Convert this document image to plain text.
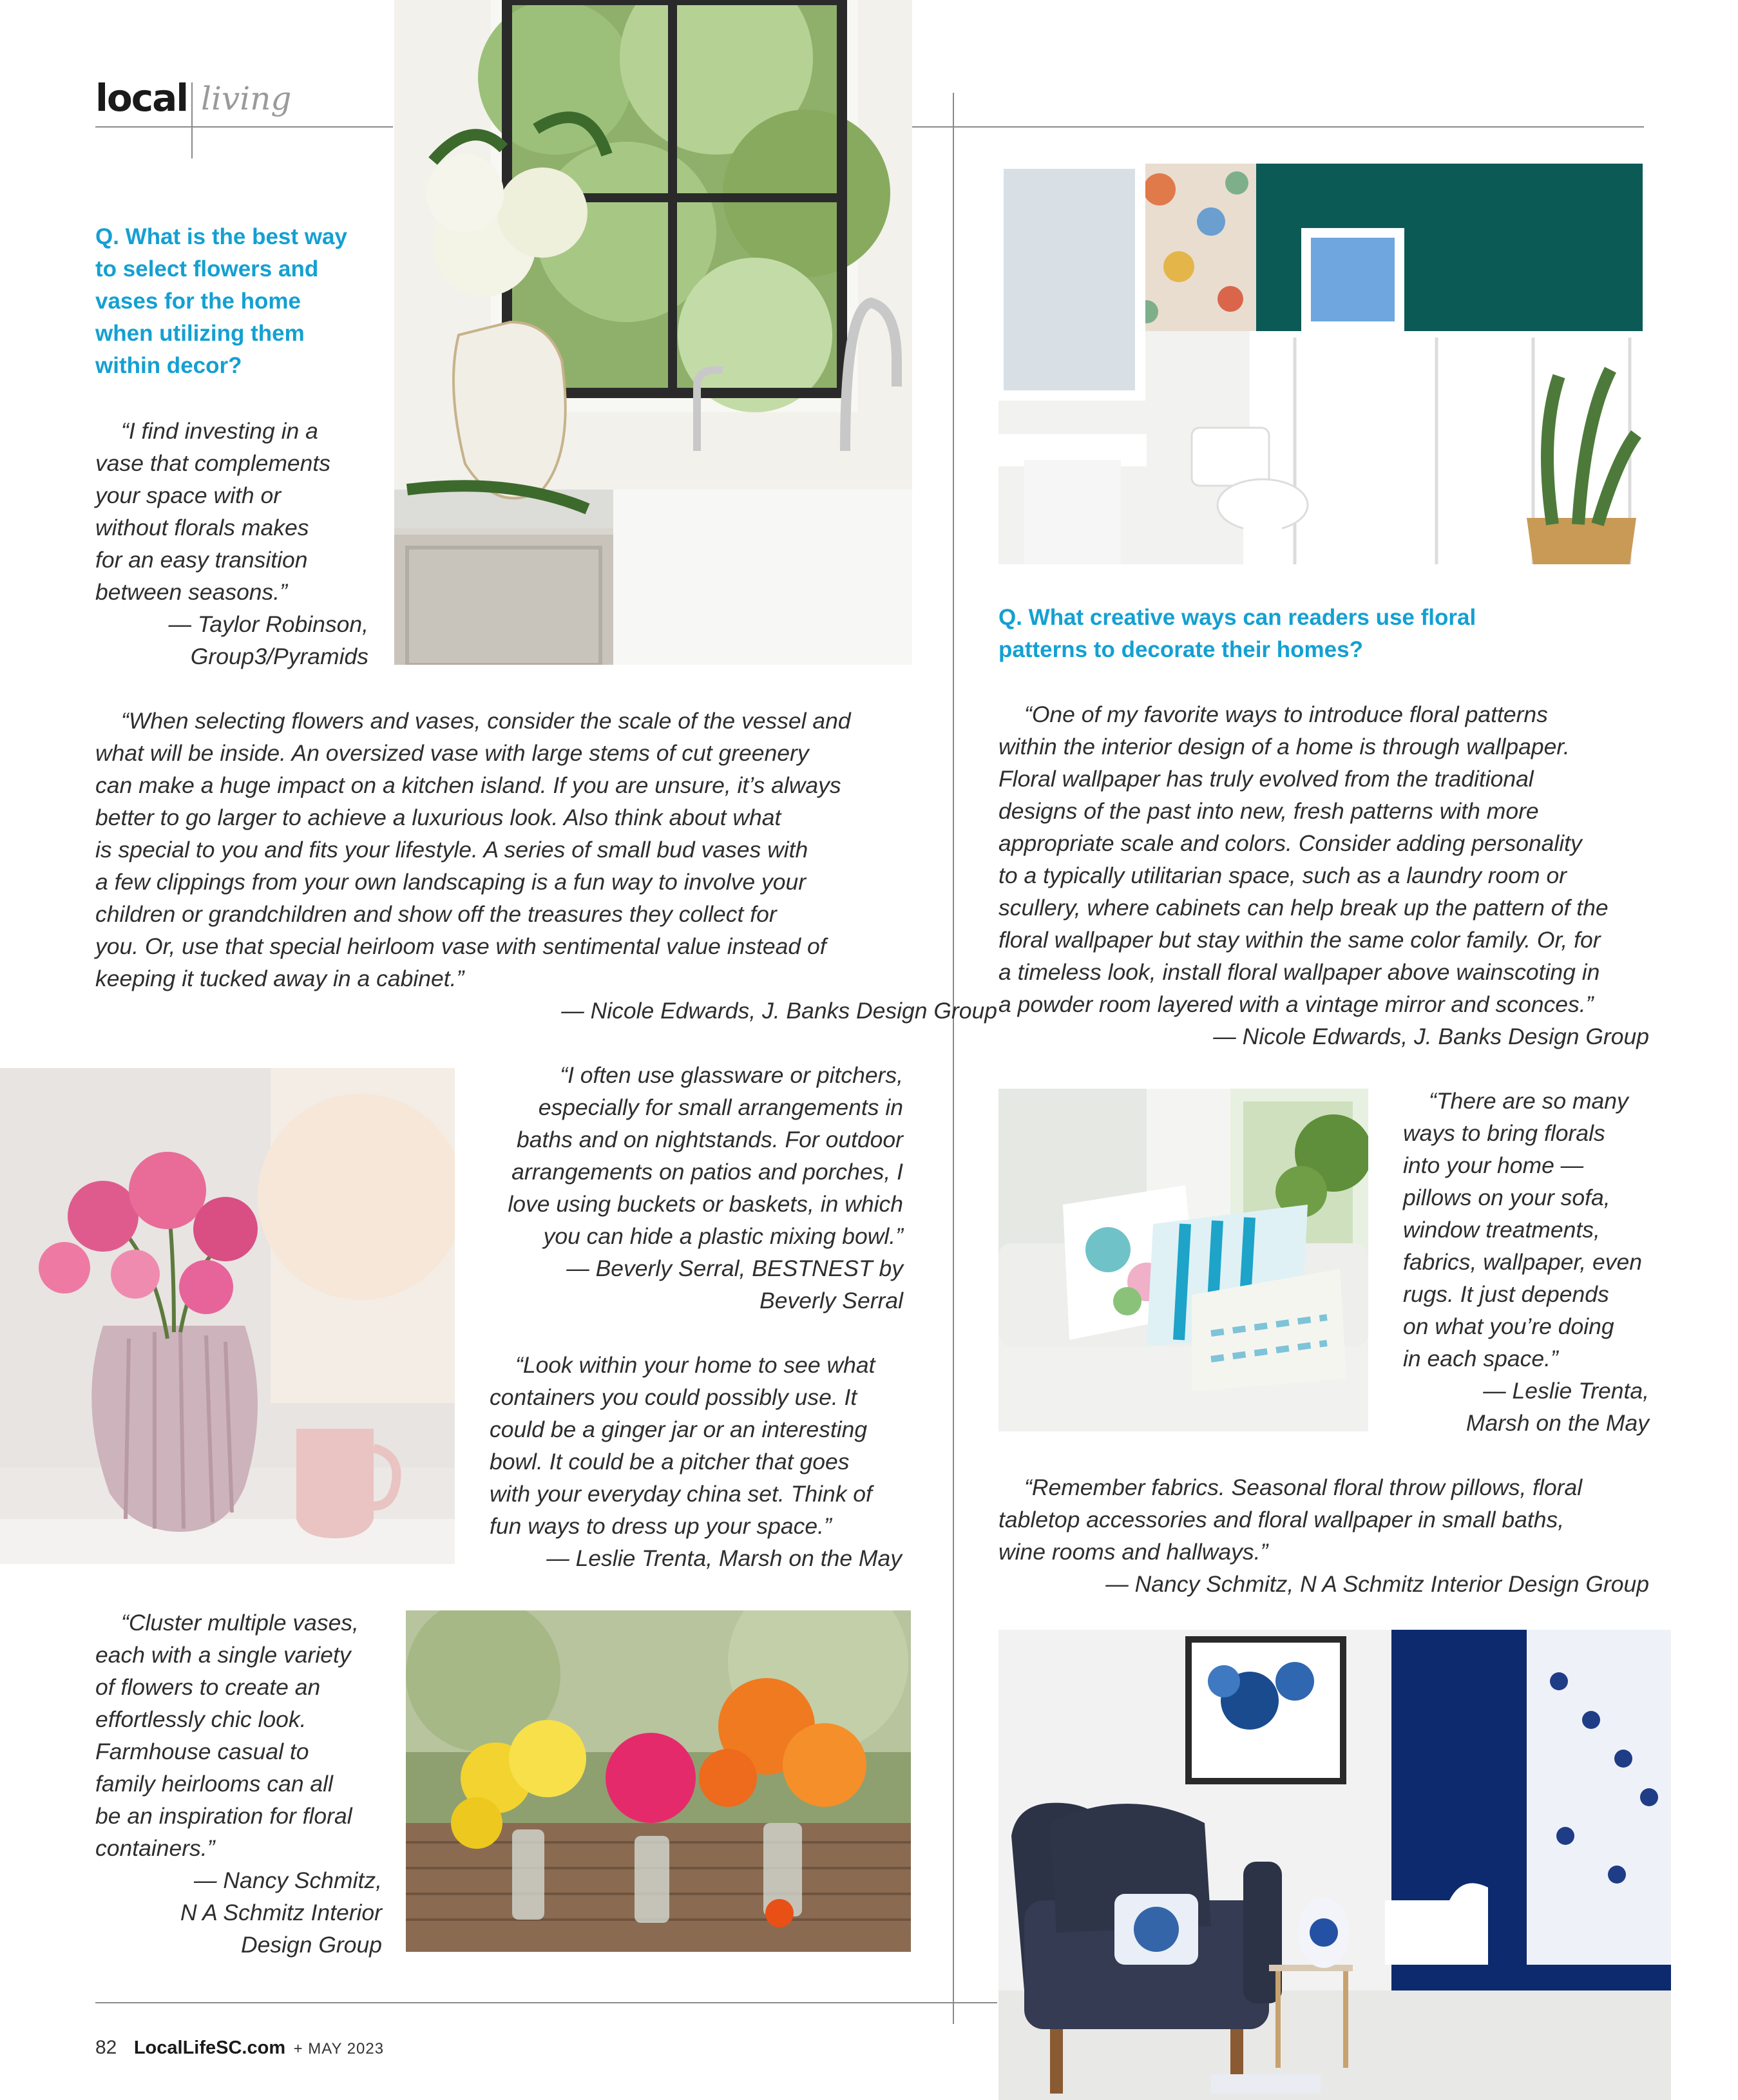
local living
Q. What is the best way
to select flowers and
vases for the home
when utilizing them
within decor?
“I find investing in a
vase that complements
your space with or
without florals makes
for an easy transition
between seasons.”
— Taylor Robinson,
Group3/Pyramids
“When selecting flowers and vases, consider the scale of the vessel and
what will be inside. An oversized vase with large stems of cut greenery
can make a huge impact on a kitchen island. If you are unsure, it’s always
better to go larger to achieve a luxurious look. Also think about what
is special to you and fits your lifestyle. A series of small bud vases with
a few clippings from your own landscaping is a fun way to involve your
children or grandchildren and show off the treasures they collect for
you. Or, use that special heirloom vase with sentimental value instead of
keeping it tucked away in a cabinet.”
— Nicole Edwards, J. Banks Design Group
“I often use glassware or pitchers,
especially for small arrangements in
baths and on nightstands. For outdoor
arrangements on patios and porches, I
love using buckets or baskets, in which
you can hide a plastic mixing bowl.”
— Beverly Serral, BESTNEST by
Beverly Serral
“Look within your home to see what
containers you could possibly use. It
could be a ginger jar or an interesting
bowl. It could be a pitcher that goes
with your everyday china set. Think of
fun ways to dress up your space.”
— Leslie Trenta, Marsh on the May
“Cluster multiple vases,
each with a single variety
of flowers to create an
effortlessly chic look.
Farmhouse casual to
family heirlooms can all
be an inspiration for floral
containers.”
— Nancy Schmitz,
N A Schmitz Interior
Design Group
Q. What creative ways can readers use floral
patterns to decorate their homes?
“One of my favorite ways to introduce floral patterns
within the interior design of a home is through wallpaper.
Floral wallpaper has truly evolved from the traditional
designs of the past into new, fresh patterns with more
appropriate scale and colors. Consider adding personality
to a typically utilitarian space, such as a laundry room or
scullery, where cabinets can help break up the pattern of the
floral wallpaper but stay within the same color family. Or, for
a timeless look, install floral wallpaper above wainscoting in
a powder room layered with a vintage mirror and sconces.”
— Nicole Edwards, J. Banks Design Group
“There are so many
ways to bring florals
into your home —
pillows on your sofa,
window treatments,
fabrics, wallpaper, even
rugs. It just depends
on what you’re doing
in each space.”
— Leslie Trenta,
Marsh on the May
“Remember fabrics. Seasonal floral throw pillows, floral
tabletop accessories and floral wallpaper in small baths,
wine rooms and hallways.”
— Nancy Schmitz, N A Schmitz Interior Design Group
82 LocalLifeSC.com + MAY 2023
